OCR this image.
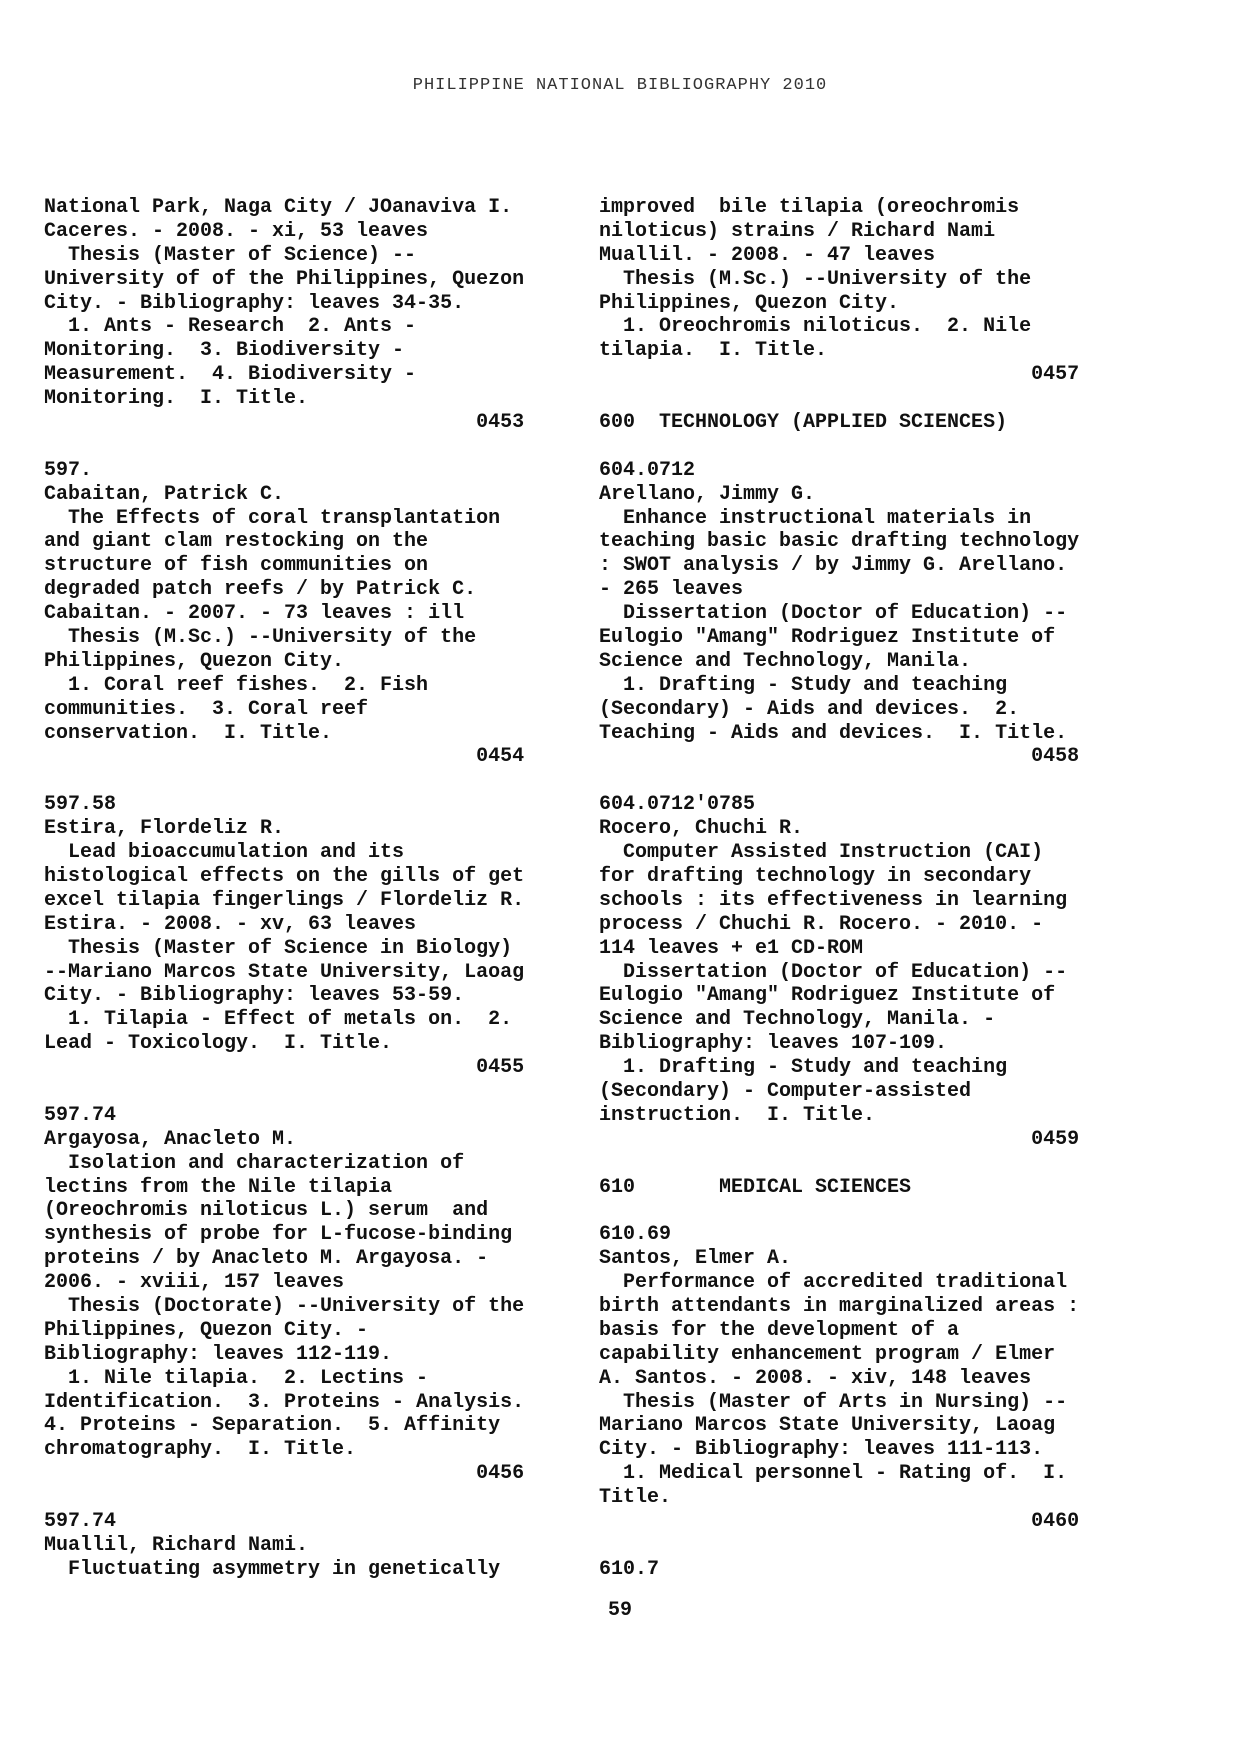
PHILIPPINE NATIONAL BIBLIOGRAPHY 2010
National Park, Naga City / JOanaviva I.
Caceres. - 2008. - xi, 53 leaves
Thesis (Master of Science) --
University of of the Philippines, Quezon
City. - Bibliography: leaves 34-35.
1. Ants - Research  2. Ants -
Monitoring.  3. Biodiversity -
Measurement.  4. Biodiversity -
Monitoring.  I. Title.
0453
597.
Cabaitan, Patrick C.
The Effects of coral transplantation
and giant clam restocking on the
structure of fish communities on
degraded patch reefs / by Patrick C.
Cabaitan. - 2007. - 73 leaves : ill
Thesis (M.Sc.) --University of the
Philippines, Quezon City.
1. Coral reef fishes.  2. Fish
communities.  3. Coral reef
conservation.  I. Title.
0454
597.58
Estira, Flordeliz R.
Lead bioaccumulation and its
histological effects on the gills of get
excel tilapia fingerlings / Flordeliz R.
Estira. - 2008. - xv, 63 leaves
Thesis (Master of Science in Biology)
--Mariano Marcos State University, Laoag
City. - Bibliography: leaves 53-59.
1. Tilapia - Effect of metals on.  2.
Lead - Toxicology.  I. Title.
0455
597.74
Argayosa, Anacleto M.
Isolation and characterization of
lectins from the Nile tilapia
(Oreochromis niloticus L.) serum  and
synthesis of probe for L-fucose-binding
proteins / by Anacleto M. Argayosa. -
2006. - xviii, 157 leaves
Thesis (Doctorate) --University of the
Philippines, Quezon City. -
Bibliography: leaves 112-119.
1. Nile tilapia.  2. Lectins -
Identification.  3. Proteins - Analysis.
4. Proteins - Separation.  5. Affinity
chromatography.  I. Title.
0456
597.74
Muallil, Richard Nami.
Fluctuating asymmetry in genetically
improved  bile tilapia (oreochromis
niloticus) strains / Richard Nami
Muallil. - 2008. - 47 leaves
Thesis (M.Sc.) --University of the
Philippines, Quezon City.
1. Oreochromis niloticus.  2. Nile
tilapia.  I. Title.
0457
600  TECHNOLOGY (APPLIED SCIENCES)
604.0712
Arellano, Jimmy G.
Enhance instructional materials in
teaching basic basic drafting technology
: SWOT analysis / by Jimmy G. Arellano.
- 265 leaves
Dissertation (Doctor of Education) --
Eulogio "Amang" Rodriguez Institute of
Science and Technology, Manila.
1. Drafting - Study and teaching
(Secondary) - Aids and devices.  2.
Teaching - Aids and devices.  I. Title.
0458
604.0712'0785
Rocero, Chuchi R.
Computer Assisted Instruction (CAI)
for drafting technology in secondary
schools : its effectiveness in learning
process / Chuchi R. Rocero. - 2010. -
114 leaves + e1 CD-ROM
Dissertation (Doctor of Education) --
Eulogio "Amang" Rodriguez Institute of
Science and Technology, Manila. -
Bibliography: leaves 107-109.
1. Drafting - Study and teaching
(Secondary) - Computer-assisted
instruction.  I. Title.
0459
610       MEDICAL SCIENCES
610.69
Santos, Elmer A.
Performance of accredited traditional
birth attendants in marginalized areas :
basis for the development of a
capability enhancement program / Elmer
A. Santos. - 2008. - xiv, 148 leaves
Thesis (Master of Arts in Nursing) --
Mariano Marcos State University, Laoag
City. - Bibliography: leaves 111-113.
1. Medical personnel - Rating of.  I.
Title.
0460
610.7
59
